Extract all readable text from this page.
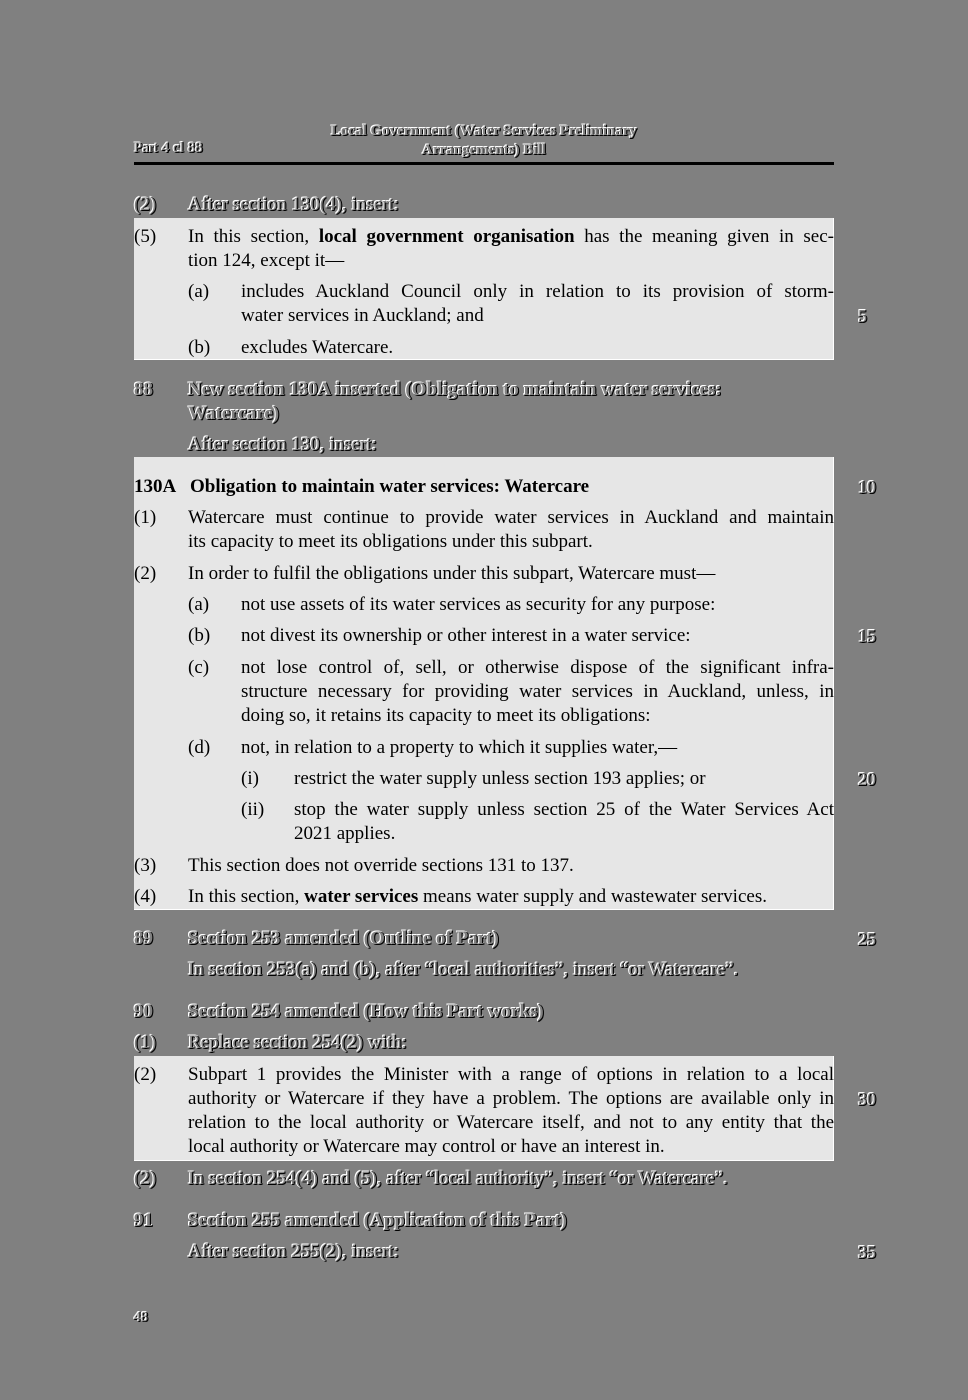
Part 4 cl 88
Local Government (Water Services Preliminary
Arrangements) Bill
(2) After section 130(4), insert:
(5) In this section, local government organisation has the meaning given in sec-
tion 124, except it—
(a) includes Auckland Council only in relation to its provision of storm-
water services in Auckland; and
(b) excludes Watercare.
88 New section 130A inserted (Obligation to maintain water services:
Watercare)
After section 130, insert:
130A Obligation to maintain water services: Watercare
(1) Watercare must continue to provide water services in Auckland and maintain
its capacity to meet its obligations under this subpart.
(2) In order to fulfil the obligations under this subpart, Watercare must—
(a) not use assets of its water services as security for any purpose:
(b) not divest its ownership or other interest in a water service:
(c) not lose control of, sell, or otherwise dispose of the significant infra-
structure necessary for providing water services in Auckland, unless, in
doing so, it retains its capacity to meet its obligations:
(d) not, in relation to a property to which it supplies water,—
(i) restrict the water supply unless section 193 applies; or
(ii) stop the water supply unless section 25 of the Water Services Act
2021 applies.
(3) This section does not override sections 131 to 137.
(4) In this section, water services means water supply and wastewater services.
89 Section 253 amended (Outline of Part)
In section 253(a) and (b), after “local authorities”, insert “or Watercare”.
90 Section 254 amended (How this Part works)
(1) Replace section 254(2) with:
(2) Subpart 1 provides the Minister with a range of options in relation to a local
authority or Watercare if they have a problem. The options are available only in
relation to the local authority or Watercare itself, and not to any entity that the
local authority or Watercare may control or have an interest in.
(2) In section 254(4) and (5), after “local authority”, insert “or Watercare”.
91 Section 255 amended (Application of this Part)
After section 255(2), insert:
5
10
15
20
25
30
35
48
